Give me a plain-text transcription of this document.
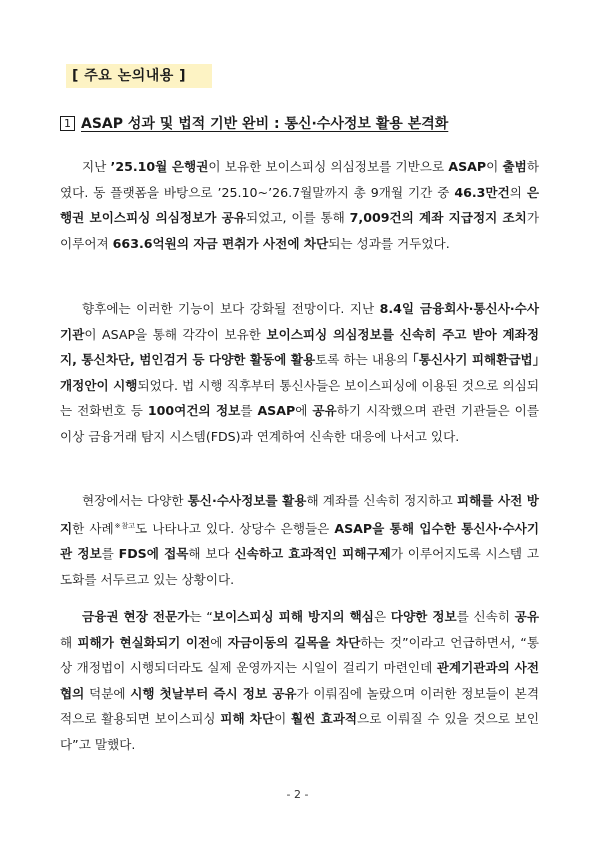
[ 주요 논의내용 ]
1 ASAP 성과 및 법적 기반 완비 : 통신·수사정보 활용 본격화

지난 ’25.10월 은행권이 보유한 보이스피싱 의심정보를 기반으로 ASAP이 출범하였다. 동 플랫폼을 바탕으로 ’25.10~’26.7월말까지 총 9개월 기간 중 46.3만건의 은행권 보이스피싱 의심정보가 공유되었고, 이를 통해 7,009건의 계좌 지급정지 조치가 이루어져 663.6억원의 자금 편취가 사전에 차단되는 성과를 거두었다.

향후에는 이러한 기능이 보다 강화될 전망이다. 지난 8.4일 금융회사·통신사·수사기관이 ASAP을 통해 각각이 보유한 보이스피싱 의심정보를 신속히 주고 받아 계좌정지, 통신차단, 범인검거 등 다양한 활동에 활용토록 하는 내용의 ｢통신사기 피해환급법｣ 개정안이 시행되었다. 법 시행 직후부터 통신사들은 보이스피싱에 이용된 것으로 의심되는 전화번호 등 100여건의 정보를 ASAP에 공유하기 시작했으며 관련 기관들은 이를 이상 금융거래 탐지 시스템(FDS)과 연계하여 신속한 대응에 나서고 있다.

현장에서는 다양한 통신·수사정보를 활용해 계좌를 신속히 정지하고 피해를 사전 방지한 사례$^{※참고}$도 나타나고 있다. 상당수 은행들은 ASAP을 통해 입수한 통신사·수사기관 정보를 FDS에 접목해 보다 신속하고 효과적인 피해구제가 이루어지도록 시스템 고도화를 서두르고 있는 상황이다.

금융권 현장 전문가는 “보이스피싱 피해 방지의 핵심은 다양한 정보를 신속히 공유해 피해가 현실화되기 이전에 자금이동의 길목을 차단하는 것”이라고 언급하면서, “통상 개정법이 시행되더라도 실제 운영까지는 시일이 걸리기 마련인데 관계기관과의 사전 협의 덕분에 시행 첫날부터 즉시 정보 공유가 이뤄짐에 놀랐으며 이러한 정보들이 본격적으로 활용되면 보이스피싱 피해 차단이 훨씬 효과적으로 이뤄질 수 있을 것으로 보인다”고 말했다.

- 2 -
